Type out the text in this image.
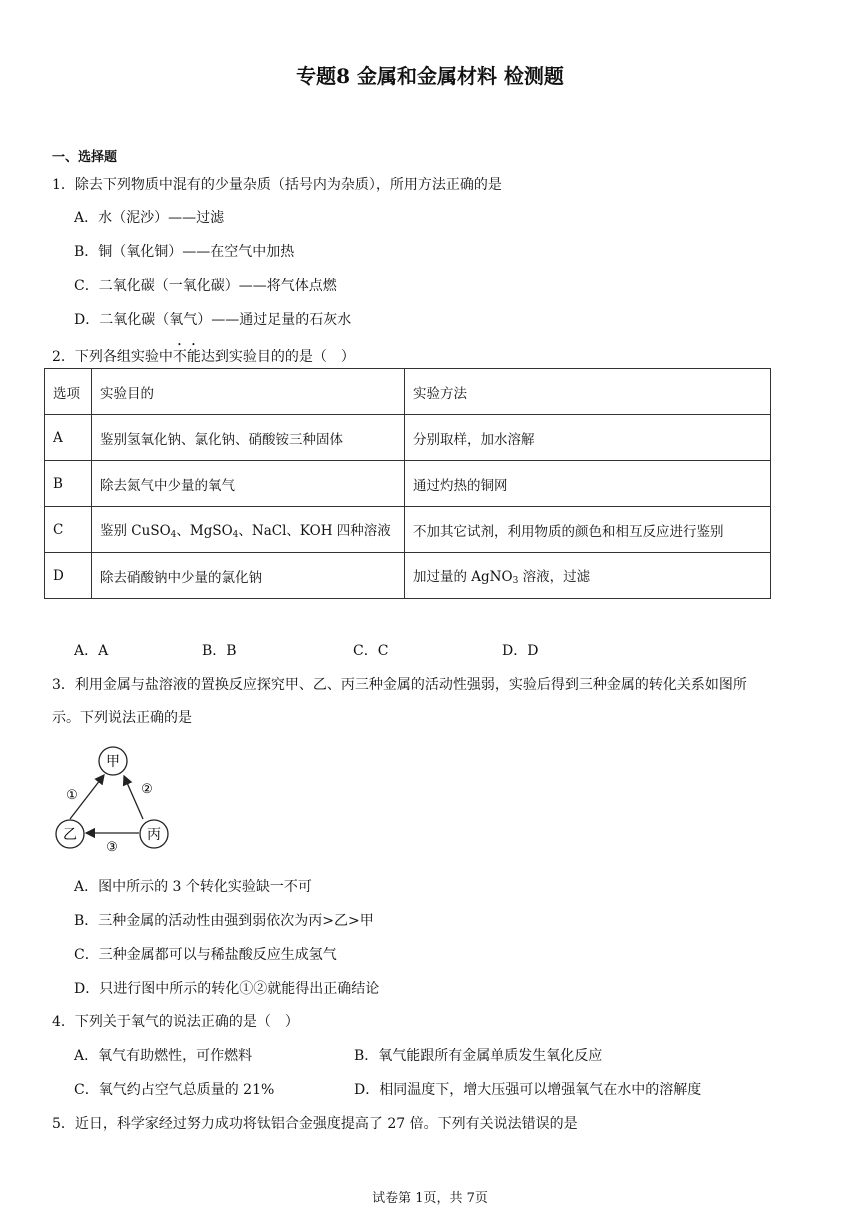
专题8 金属和金属材料 检测题
一、选择题
1．除去下列物质中混有的少量杂质（括号内为杂质），所用方法正确的是
A．水（泥沙）——过滤
B．铜（氧化铜）——在空气中加热
C．二氧化碳（一氧化碳）——将气体点燃
D．二氧化碳（氧气）——通过足量的石灰水
2．下列各组实验中不能达到实验目的的是（　）
选项	实验目的	实验方法
A	鉴别氢氧化钠、氯化钠、硝酸铵三种固体	分别取样，加水溶解
B	除去氮气中少量的氧气	通过灼热的铜网
C	鉴别 CuSO$_4$、MgSO$_4$、NaCl、KOH 四种溶液	不加其它试剂，利用物质的颜色和相互反应进行鉴别
D	除去硝酸钠中少量的氯化钠	加过量的 AgNO$_3$ 溶液，过滤
A．A	B．B	C．C	D．D
3．利用金属与盐溶液的置换反应探究甲、乙、丙三种金属的活动性强弱，实验后得到三种金属的转化关系如图所
示。下列说法正确的是
甲
乙	丙
①	②
③
A．图中所示的 3 个转化实验缺一不可
B．三种金属的活动性由强到弱依次为丙>乙>甲
C．三种金属都可以与稀盐酸反应生成氢气
D．只进行图中所示的转化①②就能得出正确结论
4．下列关于氧气的说法正确的是（　）
A．氧气有助燃性，可作燃料	B．氧气能跟所有金属单质发生氧化反应
C．氧气约占空气总质量的 21%	D．相同温度下，增大压强可以增强氧气在水中的溶解度
5．近日，科学家经过努力成功将钛铝合金强度提高了 27 倍。下列有关说法错误的是
试卷第 1页，共 7页
